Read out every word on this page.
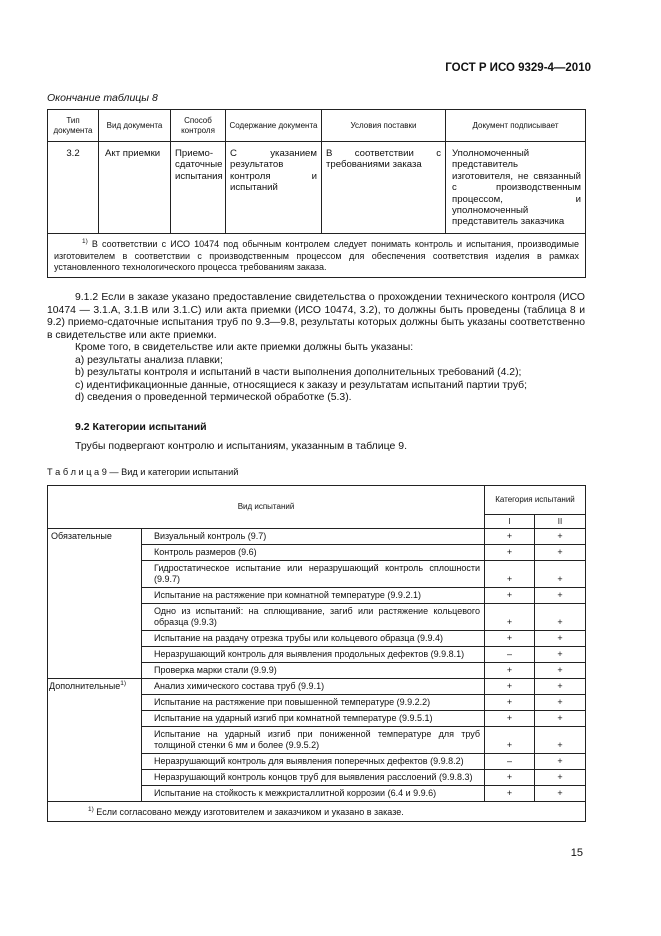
ГОСТ Р ИСО 9329-4—2010
Окончание таблицы 8
Тип документа	Вид документа	Способ контроля	Содержание документа	Условия поставки	Документ подписывает
3.2	Акт приемки	Приемо-сдаточные испытания	С указанием результатов контроля и испытаний	В соответствии с требованиями заказа	Уполномоченный представитель изготовителя, не связанный с производственным процессом, и уполномоченный представитель заказчика
$^{1)}$ В соответствии с ИСО 10474 под обычным контролем следует понимать контроль и испытания, производимые изготовителем в соответствии с производственным процессом для обеспечения соответствия изделия в рамках установленного технологического процесса требованиям заказа.					

9.1.2 Если в заказе указано предоставление свидетельства о прохождении технического контроля (ИСО 10474 — 3.1.А, 3.1.В или 3.1.С) или акта приемки (ИСО 10474, 3.2), то должны быть проведены (таблица 8 и 9.2) приемо-сдаточные испытания труб по 9.3—9.8, результаты которых должны быть указаны соответственно в свидетельстве или акте приемки.

Кроме того, в свидетельстве или акте приемки должны быть указаны:

a) результаты анализа плавки;

b) результаты контроля и испытаний в части выполнения дополнительных требований (4.2);

c) идентификационные данные, относящиеся к заказу и результатам испытаний партии труб;

d) сведения о проведенной термической обработке (5.3).

9.2 Категории испытаний
Трубы подвергают контролю и испытаниям, указанным в таблице 9.
Т а б л и ц а 9 — Вид и категории испытаний
Вид испытаний		Категория испытаний	
		I	II
Обязательные	Визуальный контроль (9.7)	+	+
	Контроль размеров (9.6)	+	+
	Гидростатическое испытание или неразрушающий контроль сплошности (9.9.7)	+	+
	Испытание на растяжение при комнатной температуре (9.9.2.1)	+	+
	Одно из испытаний: на сплющивание, загиб или растяжение кольцевого образца (9.9.3)	+	+
	Испытание на раздачу отрезка трубы или кольцевого образца (9.9.4)	+	+
	Неразрушающий контроль для выявления продольных дефектов (9.9.8.1)	–	+
	Проверка марки стали (9.9.9)	+	+
Дополнительные$^{1)}$	Анализ химического состава труб (9.9.1)	+	+
	Испытание на растяжение при повышенной температуре (9.9.2.2)	+	+
	Испытание на ударный изгиб при комнатной температуре (9.9.5.1)	+	+
	Испытание на ударный изгиб при пониженной температуре для труб толщиной стенки 6 мм и более (9.9.5.2)	+	+
	Неразрушающий контроль для выявления поперечных дефектов (9.9.8.2)	–	+
	Неразрушающий контроль концов труб для выявления расслоений (9.9.8.3)	+	+
	Испытание на стойкость к межкристаллитной коррозии (6.4 и 9.9.6)	+	+
$^{1)}$ Если согласовано между изготовителем и заказчиком и указано в заказе.			
15
